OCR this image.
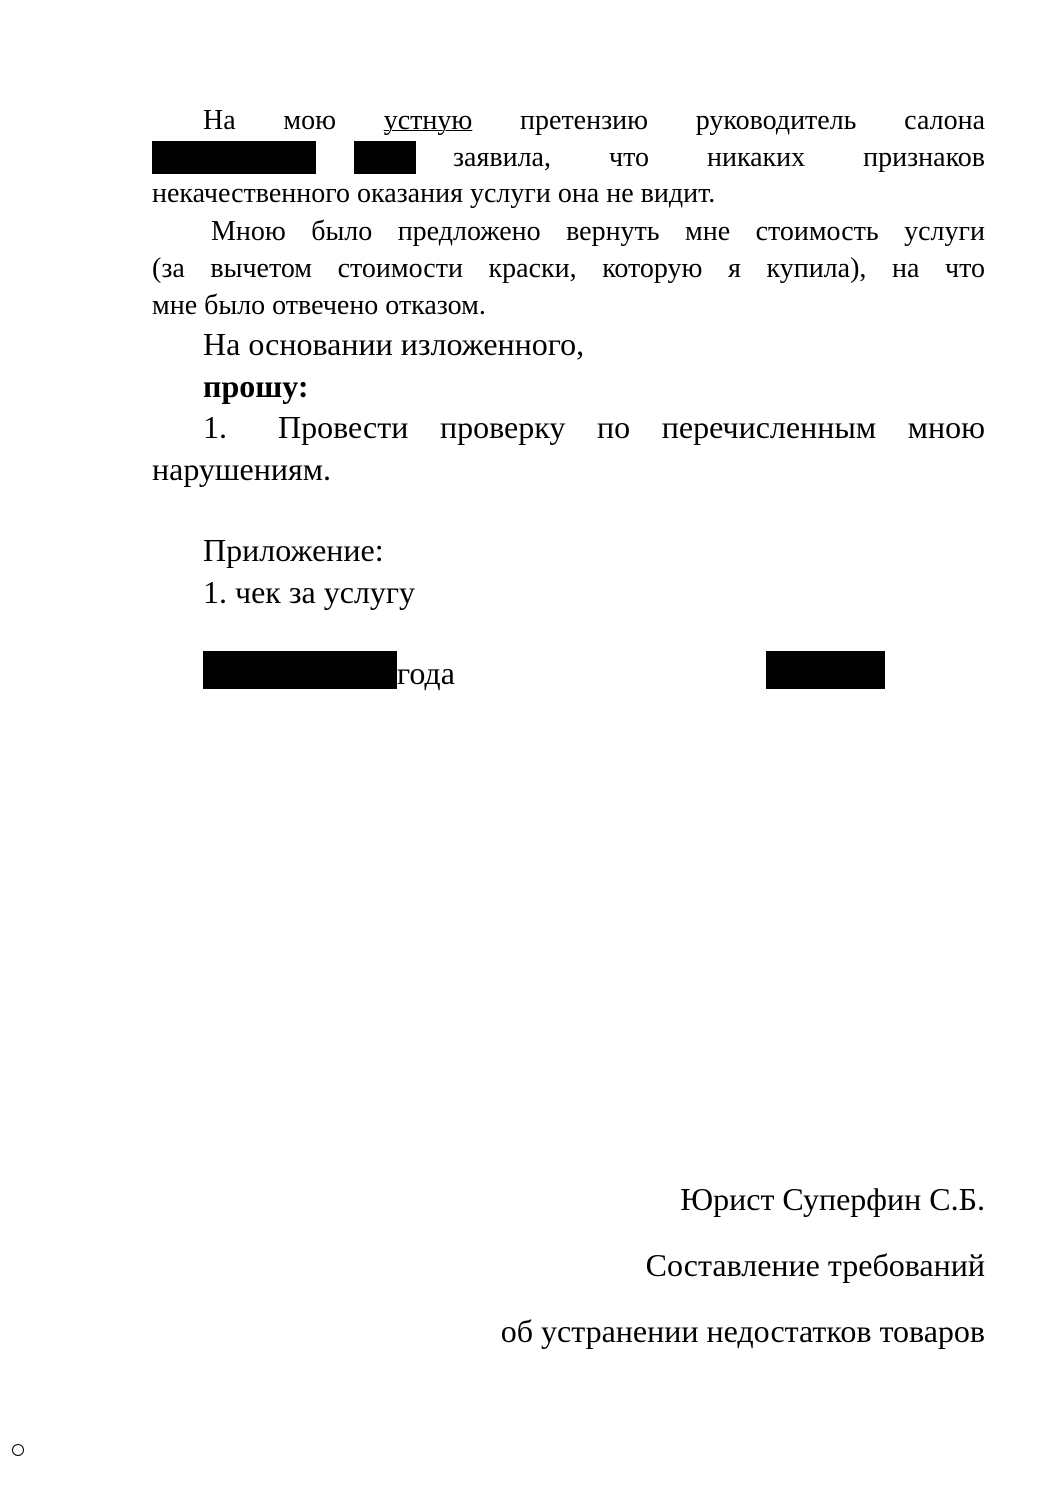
На мою устную претензию руководитель салона
заявила, что никаких признаков
некачественного оказания услуги она не видит.
Мною было предложено вернуть мне стоимость услуги
(за вычетом стоимости краски, которую я купила), на что
мне было отвечено отказом.
На основании изложенного,
прошу:
1. Провести проверку по перечисленным мною
нарушениям.
Приложение:
1. чек за услугу
года
Юрист Суперфин С.Б.
Составление требований
об устранении недостатков товаров
